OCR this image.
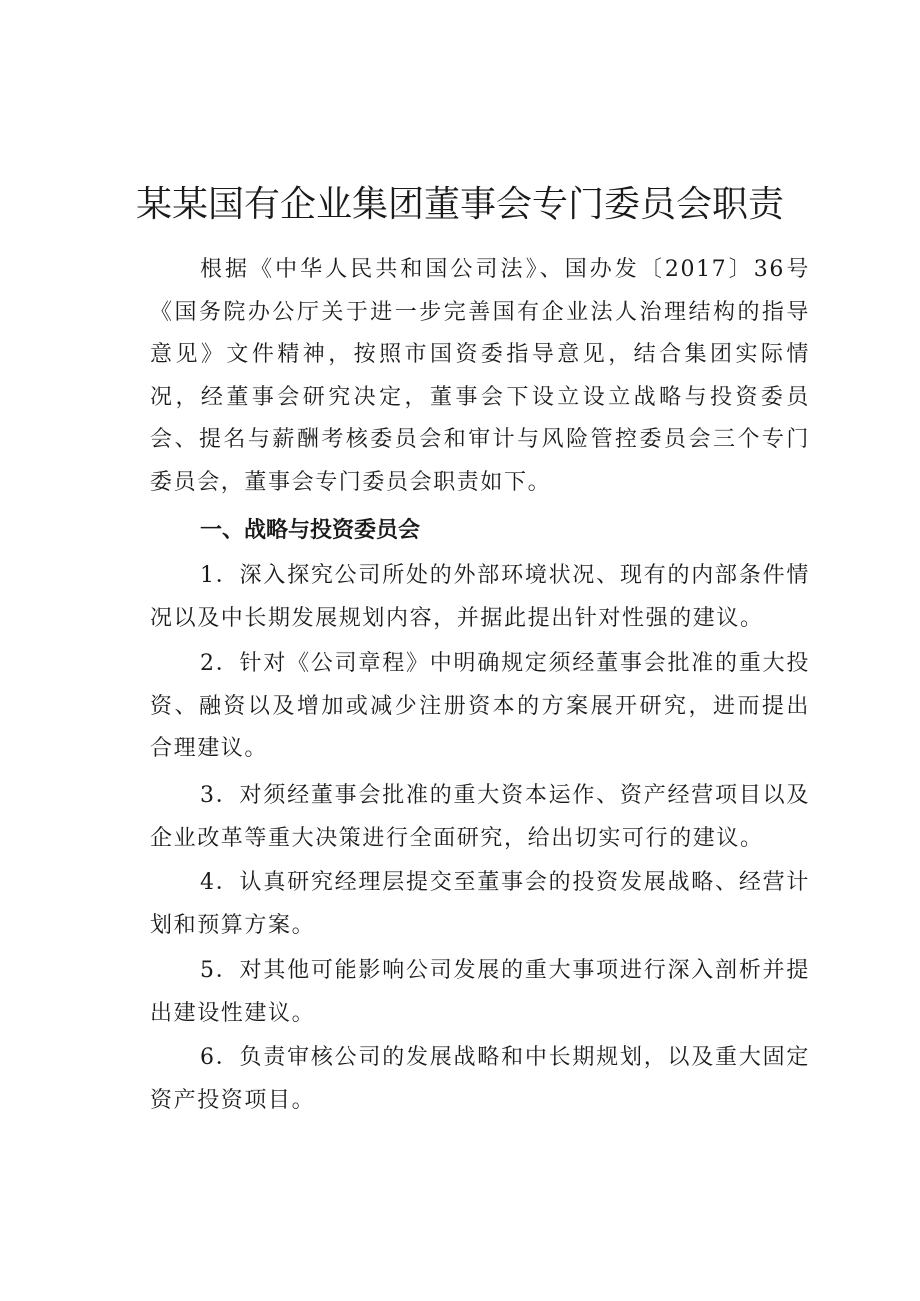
某某国有企业集团董事会专门委员会职责

根据《中华人民共和国公司法》、国办发〔2017〕36号《国务院办公厅关于进一步完善国有企业法人治理结构的指导意见》文件精神，按照市国资委指导意见，结合集团实际情况，经董事会研究决定，董事会下设立设立战略与投资委员会、提名与薪酬考核委员会和审计与风险管控委员会三个专门委员会，董事会专门委员会职责如下。

一、战略与投资委员会

1．深入探究公司所处的外部环境状况、现有的内部条件情况以及中长期发展规划内容，并据此提出针对性强的建议。

2．针对《公司章程》中明确规定须经董事会批准的重大投资、融资以及增加或减少注册资本的方案展开研究，进而提出合理建议。

3．对须经董事会批准的重大资本运作、资产经营项目以及企业改革等重大决策进行全面研究，给出切实可行的建议。

4．认真研究经理层提交至董事会的投资发展战略、经营计划和预算方案。

5．对其他可能影响公司发展的重大事项进行深入剖析并提出建设性建议。

6．负责审核公司的发展战略和中长期规划，以及重大固定资产投资项目。
